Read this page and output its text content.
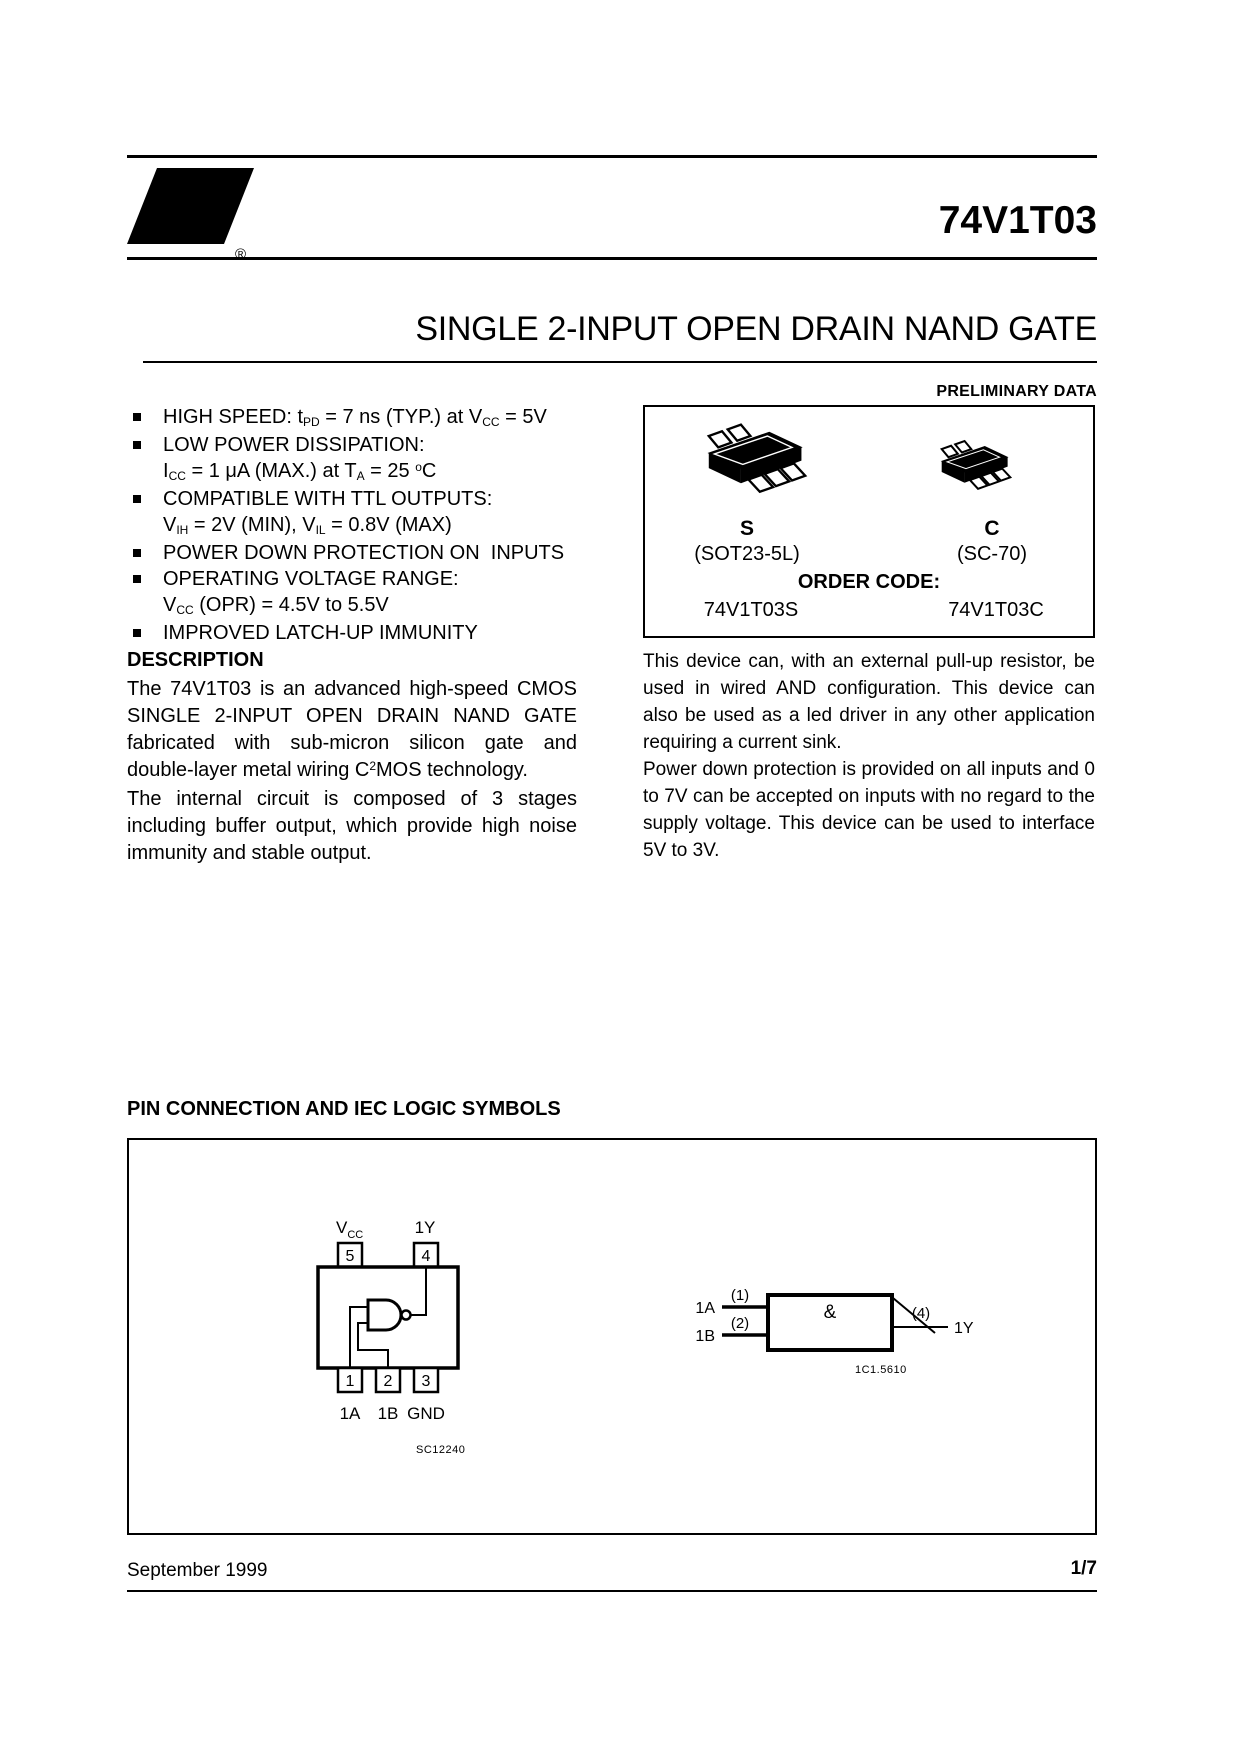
ST
®
74V1T03
SINGLE 2-INPUT OPEN DRAIN NAND GATE
PRELIMINARY DATA
HIGH SPEED: tPD = 7 ns (TYP.) at VCC = 5V
LOW POWER DISSIPATION:
ICC = 1 μA (MAX.) at TA = 25 $^o$C
COMPATIBLE WITH TTL OUTPUTS:
VIH = 2V (MIN), VIL = 0.8V (MAX)
POWER DOWN PROTECTION ON  INPUTS
OPERATING VOLTAGE RANGE:
VCC (OPR) = 4.5V to 5.5V
IMPROVED LATCH-UP IMMUNITY
DESCRIPTION

The 74V1T03 is an advanced high-speed CMOS SINGLE 2-INPUT OPEN DRAIN NAND GATE fabricated with sub-micron silicon gate and double-layer metal wiring $C^2MOS$ technology.

The internal circuit is composed of 3 stages including buffer output, which provide high noise immunity and stable output.

S	C
(SOT23-5L)	(SC-70)
ORDER CODE:
74V1T03S	74V1T03C

This device can, with an external pull-up resistor, be used in wired AND configuration. This device can also be used as a led driver in any other application requiring a current sink.

Power down protection is provided on all inputs and 0 to 7V can be accepted on inputs with no regard to the supply voltage. This device can be used to interface 5V to 3V.

PIN CONNECTION AND IEC LOGIC SYMBOLS
$V_{CC}$	1Y
5	4
1 2 3
1A 1B GND
SC12240
&
1A
1B
(1)
(2)
(4)
1Y
1C1.5610
September 1999	1/7
